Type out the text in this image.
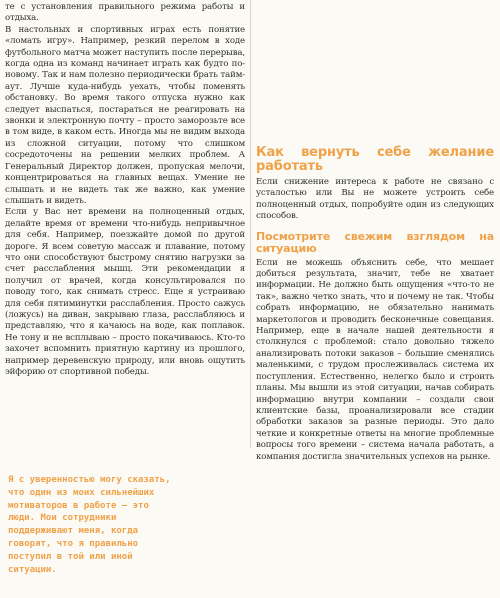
те с установления правильного режима работы и отдыха.

В настольных и спортивных играх есть понятие «ломать игру». Например, резкий перелом в ходе футбольного матча может наступить после перерыва, когда одна из команд начинает играть как будто по-новому. Так и нам полезно периодически брать тайм-аут. Лучше куда-нибудь уехать, чтобы поменять обстановку. Во время такого отпуска нужно как следует выспаться, постараться не реагировать на звонки и электронную почту – просто заморозьте все в том виде, в каком есть. Иногда мы не видим выхода из сложной ситуации, потому что слишком сосредоточены на решении мелких проблем. А Генеральный Директор должен, пропуская мелочи, концентрироваться на главных вещах. Умение не слышать и не видеть так же важно, как умение слышать и видеть.

Если у Вас нет времени на полноценный отдых, делайте время от времени что-нибудь непривычное для себя. Например, поезжайте домой по другой дороге. Я всем советую массаж и плавание, потому что они способствуют быстрому снятию нагрузки за счет расслабления мышц. Эти рекомендации я получил от врачей, когда консультировался по поводу того, как снимать стресс. Еще я устраиваю для себя пятиминутки расслабления. Просто сажусь (ложусь) на диван, закрываю глаза, расслабляюсь и представляю, что я качаюсь на воде, как поплавок. Не тону и не всплываю – просто покачиваюсь. Кто-то захочет вспомнить приятную картину из прошлого, например деревенскую природу, или вновь ощутить эйфорию от спортивной победы.

Я с уверенностью могу сказать, что один из моих сильнейших мотиваторов в работе – это люди. Мои сотрудники поддерживают меня, когда говорят, что я правильно поступил в той или иной ситуации.

Как вернуть себе желание работать

Если снижение интереса к работе не связано с усталостью или Вы не можете устроить себе полноценный отдых, попробуйте один из следующих способов.

Посмотрите свежим взглядом на ситуацию

Если не можешь объяснить себе, что мешает добиться результата, значит, тебе не хватает информации. Не должно быть ощущения «что-то не так», важно четко знать, что и почему не так. Чтобы собрать информацию, не обязательно нанимать маркетологов и проводить бесконечные совещания. Например, еще в начале нашей деятельности я столкнулся с проблемой: стало довольно тяжело анализировать потоки заказов – большие сменялись маленькими, с трудом прослеживалась система их поступления. Естественно, нелегко было и строить планы. Мы вышли из этой ситуации, начав собирать информацию внутри компании – создали свои клиентские базы, проанализировали все стадии обработки заказов за разные периоды. Это дало четкие и конкретные ответы на многие проблемные вопросы того времени – система начала работать, а компания достигла значительных успехов на рынке.
